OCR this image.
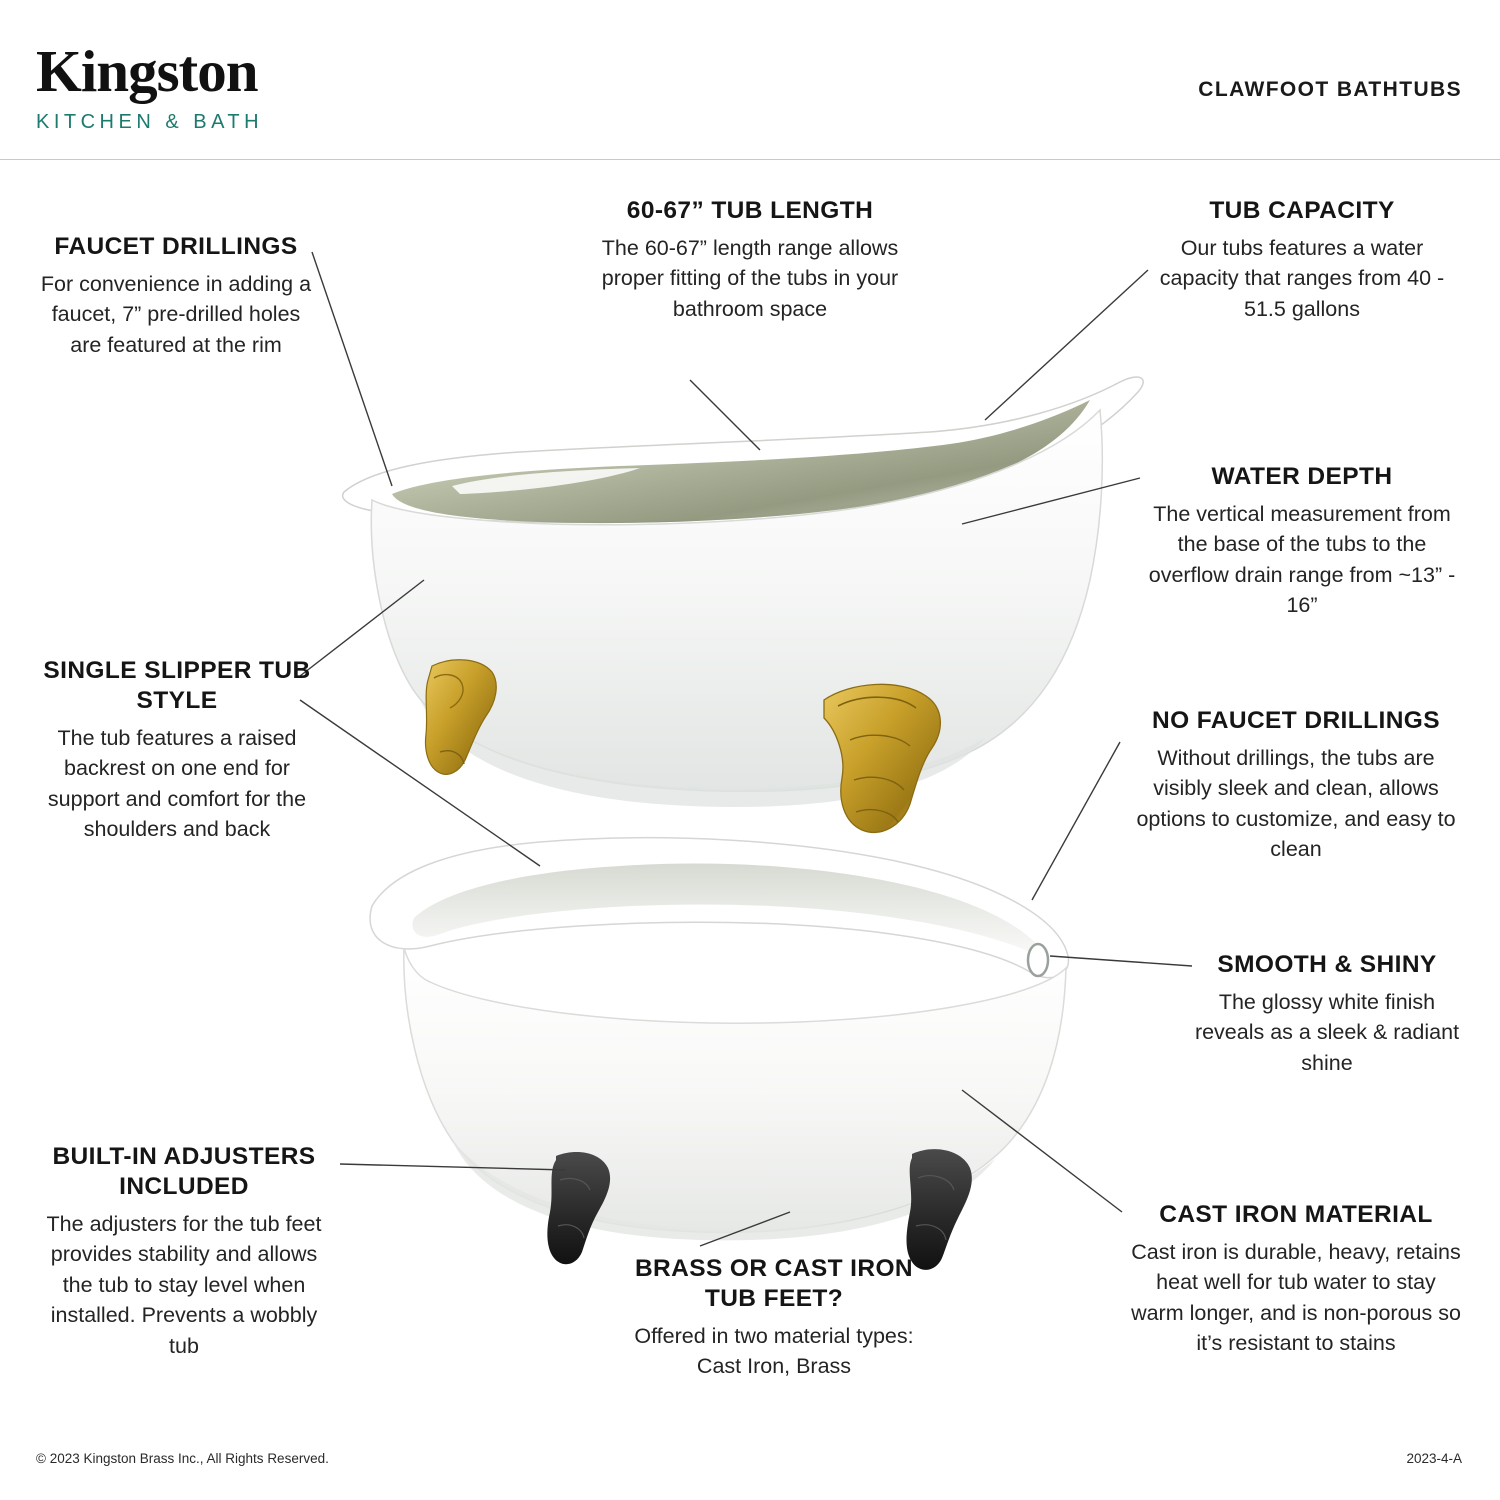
Kingston
KITCHEN & BATH
CLAWFOOT BATHTUBS
FAUCET DRILLINGS
For convenience in adding a faucet, 7” pre-drilled holes are featured at the rim
60-67” TUB LENGTH
The 60-67” length range allows proper fitting of the tubs in your bathroom space
TUB CAPACITY
Our tubs features a water capacity that ranges from 40 - 51.5 gallons
WATER DEPTH
The vertical measurement from the base of the tubs to the overflow drain range from ~13” - 16”
SINGLE SLIPPER TUB STYLE
The tub features a raised backrest on one end for support and comfort for the shoulders and back
NO FAUCET DRILLINGS
Without drillings, the tubs are visibly sleek and clean, allows options to customize, and easy to clean
SMOOTH & SHINY
The glossy white finish reveals as a sleek & radiant shine
BUILT-IN ADJUSTERS INCLUDED
The adjusters for the tub feet provides stability and allows the tub to stay level when installed. Prevents a wobbly tub
BRASS OR CAST IRON TUB FEET?
Offered in two material types: Cast Iron, Brass
CAST IRON MATERIAL
Cast iron is durable, heavy, retains heat well for tub water to stay warm longer, and is non-porous so it’s resistant to stains
© 2023 Kingston Brass Inc., All Rights Reserved.	2023-4-A
